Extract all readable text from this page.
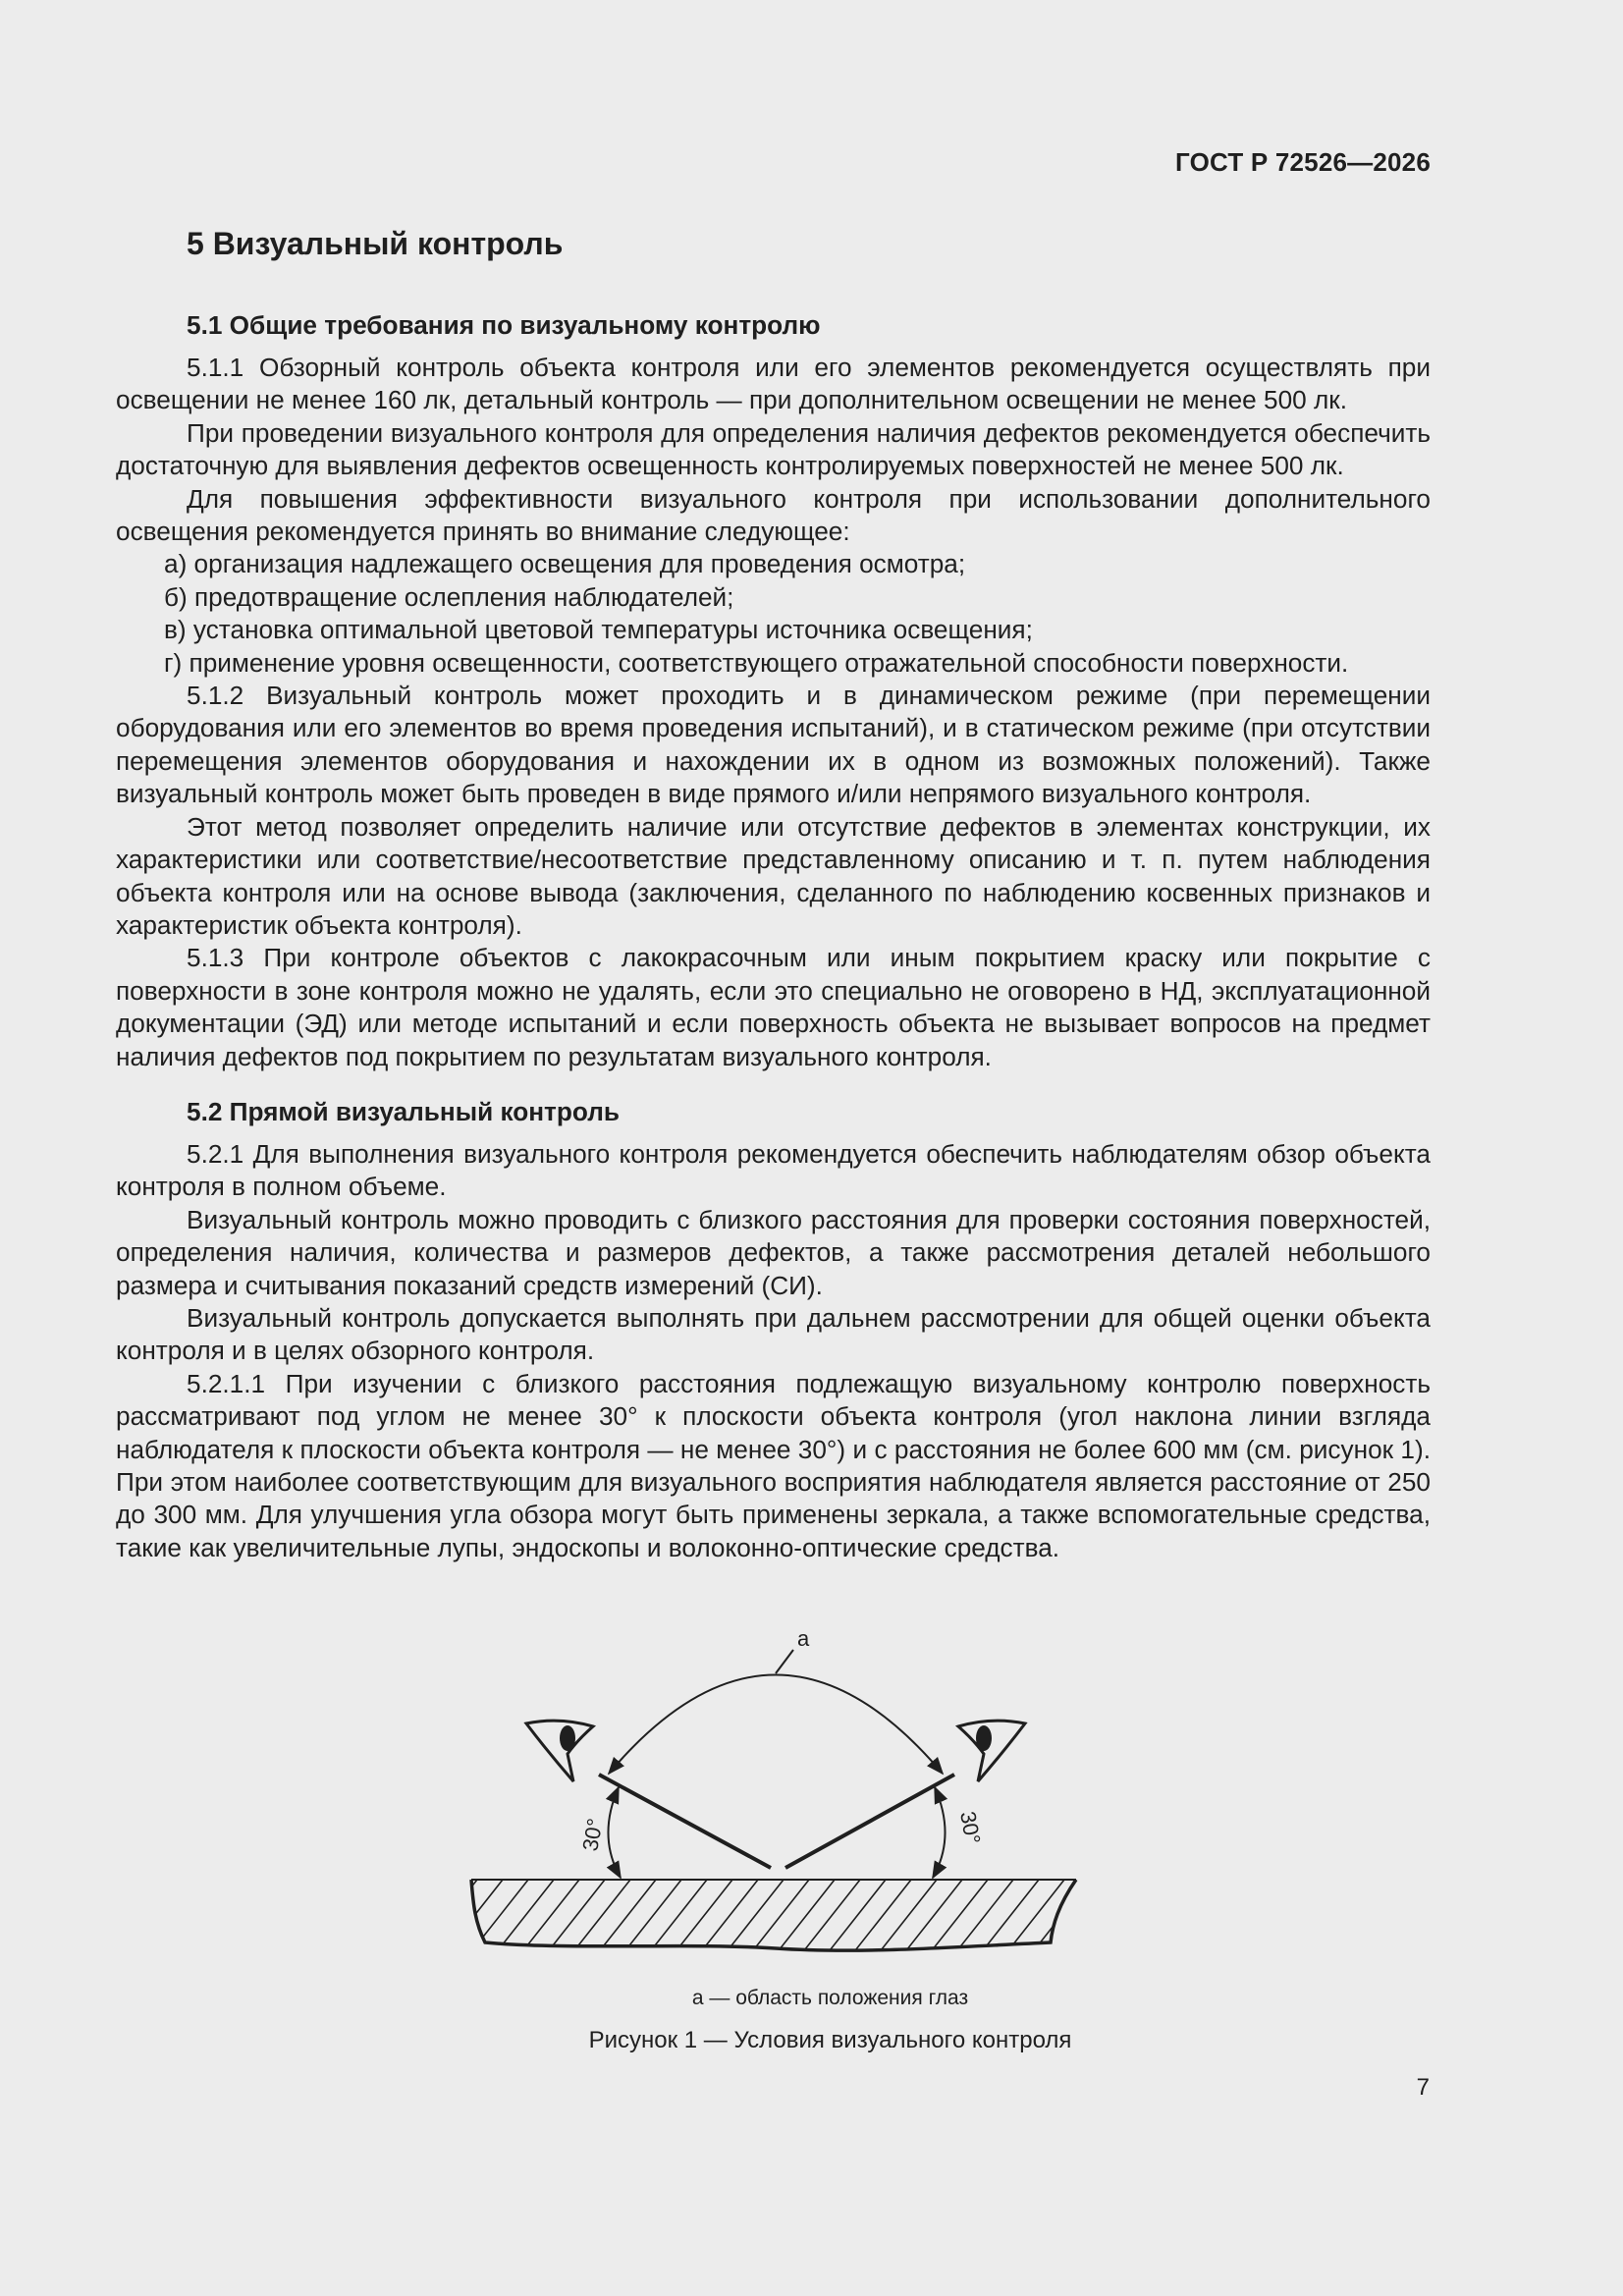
ГОСТ Р 72526—2026
5 Визуальный контроль
5.1 Общие требования по визуальному контролю

5.1.1 Обзорный контроль объекта контроля или его элементов рекомендуется осуществлять при освещении не менее 160 лк, детальный контроль — при дополнительном освещении не менее 500 лк.

При проведении визуального контроля для определения наличия дефектов рекомендуется обеспечить достаточную для выявления дефектов освещенность контролируемых поверхностей не менее 500 лк.

Для повышения эффективности визуального контроля при использовании дополнительного освещения рекомендуется принять во внимание следующее:

а) организация надлежащего освещения для проведения осмотра;

б) предотвращение ослепления наблюдателей;

в) установка оптимальной цветовой температуры источника освещения;

г) применение уровня освещенности, соответствующего отражательной способности поверхности.

5.1.2 Визуальный контроль может проходить и в динамическом режиме (при перемещении оборудования или его элементов во время проведения испытаний), и в статическом режиме (при отсутствии перемещения элементов оборудования и нахождении их в одном из возможных положений). Также визуальный контроль может быть проведен в виде прямого и/или непрямого визуального контроля.

Этот метод позволяет определить наличие или отсутствие дефектов в элементах конструкции, их характеристики или соответствие/несоответствие представленному описанию и т. п. путем наблюдения объекта контроля или на основе вывода (заключения, сделанного по наблюдению косвенных признаков и характеристик объекта контроля).

5.1.3 При контроле объектов с лакокрасочным или иным покрытием краску или покрытие с поверхности в зоне контроля можно не удалять, если это специально не оговорено в НД, эксплуатационной документации (ЭД) или методе испытаний и если поверхность объекта не вызывает вопросов на предмет наличия дефектов под покрытием по результатам визуального контроля.

5.2 Прямой визуальный контроль

5.2.1 Для выполнения визуального контроля рекомендуется обеспечить наблюдателям обзор объекта контроля в полном объеме.

Визуальный контроль можно проводить с близкого расстояния для проверки состояния поверхностей, определения наличия, количества и размеров дефектов, а также рассмотрения деталей небольшого размера и считывания показаний средств измерений (СИ).

Визуальный контроль допускается выполнять при дальнем рассмотрении для общей оценки объекта контроля и в целях обзорного контроля.

5.2.1.1 При изучении с близкого расстояния подлежащую визуальному контролю поверхность рассматривают под углом не менее 30° к плоскости объекта контроля (угол наклона линии взгляда наблюдателя к плоскости объекта контроля — не менее 30°) и с расстояния не более 600 мм (см. рисунок 1). При этом наиболее соответствующим для визуального восприятия наблюдателя является расстояние от 250 до 300 мм. Для улучшения угла обзора могут быть применены зеркала, а также вспомогательные средства, такие как увеличительные лупы, эндоскопы и волоконно-оптические средства.

а
30°	30°
а — область положения глаз
Рисунок 1 — Условия визуального контроля
7
